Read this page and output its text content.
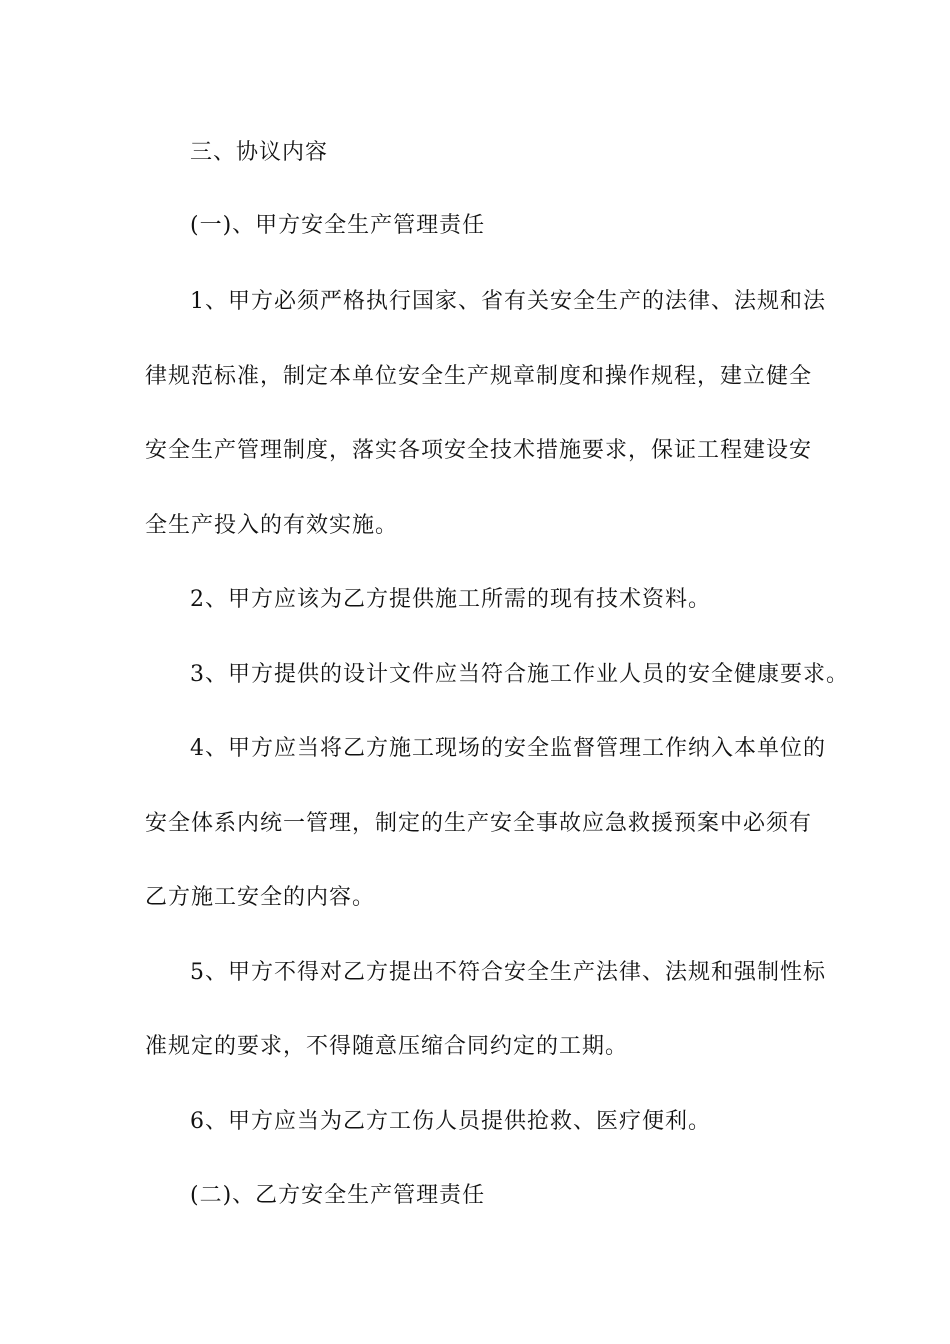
三、协议内容
(一)、甲方安全生产管理责任
1、甲方必须严格执行国家、省有关安全生产的法律、法规和法
律规范标准，制定本单位安全生产规章制度和操作规程，建立健全
安全生产管理制度，落实各项安全技术措施要求，保证工程建设安
全生产投入的有效实施。
2、甲方应该为乙方提供施工所需的现有技术资料。
3、甲方提供的设计文件应当符合施工作业人员的安全健康要求。
4、甲方应当将乙方施工现场的安全监督管理工作纳入本单位的
安全体系内统一管理，制定的生产安全事故应急救援预案中必须有
乙方施工安全的内容。
5、甲方不得对乙方提出不符合安全生产法律、法规和强制性标
准规定的要求，不得随意压缩合同约定的工期。
6、甲方应当为乙方工伤人员提供抢救、医疗便利。
(二)、乙方安全生产管理责任
